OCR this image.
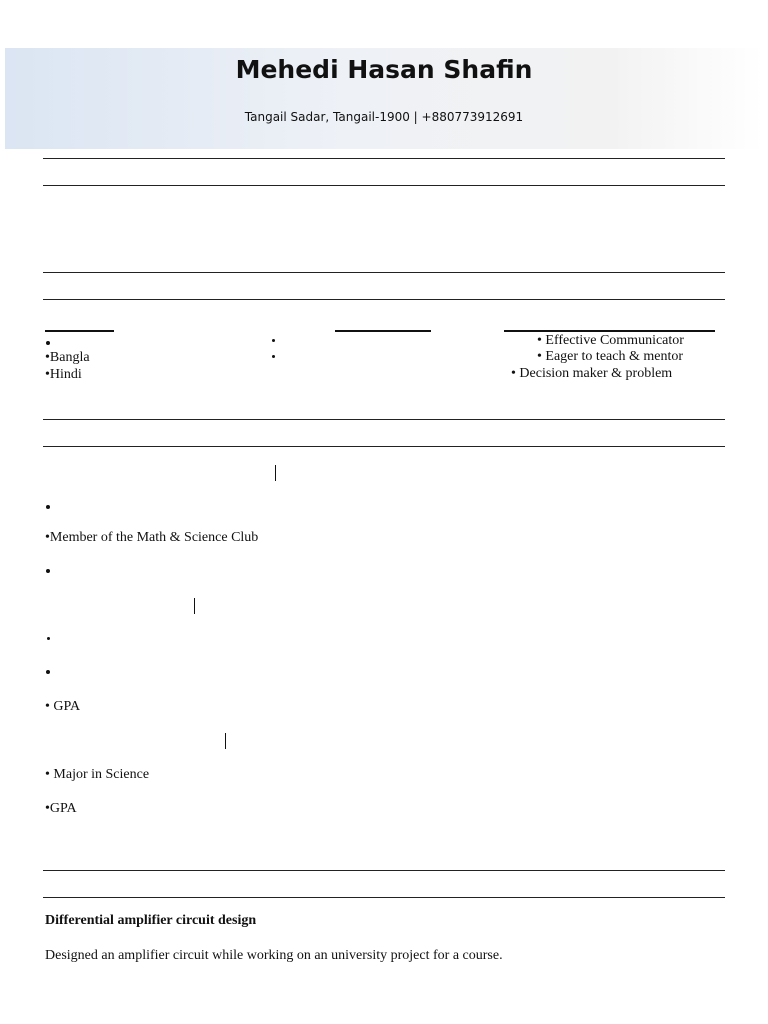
Mehedi Hasan Shafin
Tangail Sadar, Tangail-1900 | +880773912691
•Bangla
•Hindi
• Effective Communicator
• Eager to teach & mentor
• Decision maker & problem
•Member of the Math & Science Club
• GPA
• Major in Science
•GPA
Differential amplifier circuit design
Designed an amplifier circuit while working on an university project for a course.
